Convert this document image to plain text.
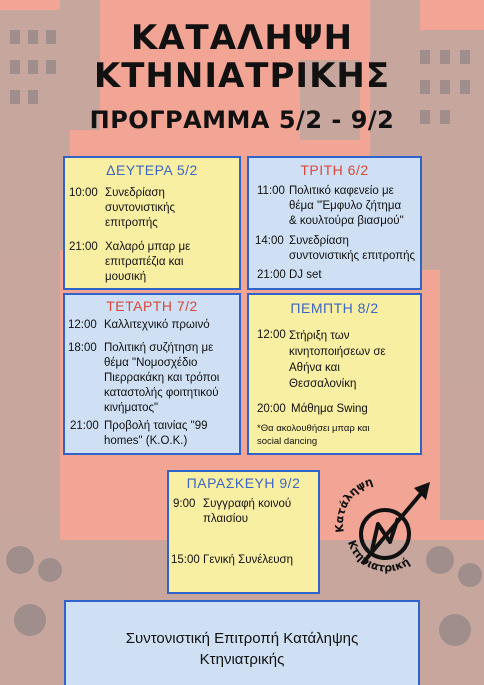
ΚΑΤΑΛΗΨΗ
ΚΤΗΝΙΑΤΡΙΚΗΣ
ΠΡΟΓΡΑΜΜΑ 5/2 - 9/2
ΔΕΥΤΕΡΑ 5/2
10:00 Συνεδρίαση
συντονιστικής
επιτροπής
21:00 Χαλαρό μπαρ με
επιτραπέζια και
μουσική
ΤΡΙΤΗ 6/2
11:00 Πολιτικό καφενείο με
θέμα "Έμφυλο ζήτημα
& κουλτούρα βιασμού"
14:00 Συνεδρίαση
συντονιστικής επιτροπής
21:00 DJ set
ΤΕΤΑΡΤΗ 7/2
12:00 Καλλιτεχνικό πρωινό
18:00 Πολιτική συζήτηση με
θέμα "Νομοσχέδιο
Πιερρακάκη και τρόποι
καταστολής φοιτητικού
κινήματος"
21:00 Προβολή ταινίας "99
homes" (Κ.Ο.Κ.)
ΠΕΜΠΤΗ 8/2
12:00 Στήριξη των
κινητοποιήσεων σε
Αθήνα και
Θεσσαλονίκη
20:00 Μάθημα Swing
*Θα ακολουθήσει μπαρ και
social dancing
ΠΑΡΑΣΚΕΥΗ 9/2
9:00 Συγγραφή κοινού
πλαισίου
15:00 Γενική Συνέλευση
Κατάληψη
Κτηνιατρική
Συντονιστική Επιτροπή Κατάληψης
Κτηνιατρικής
